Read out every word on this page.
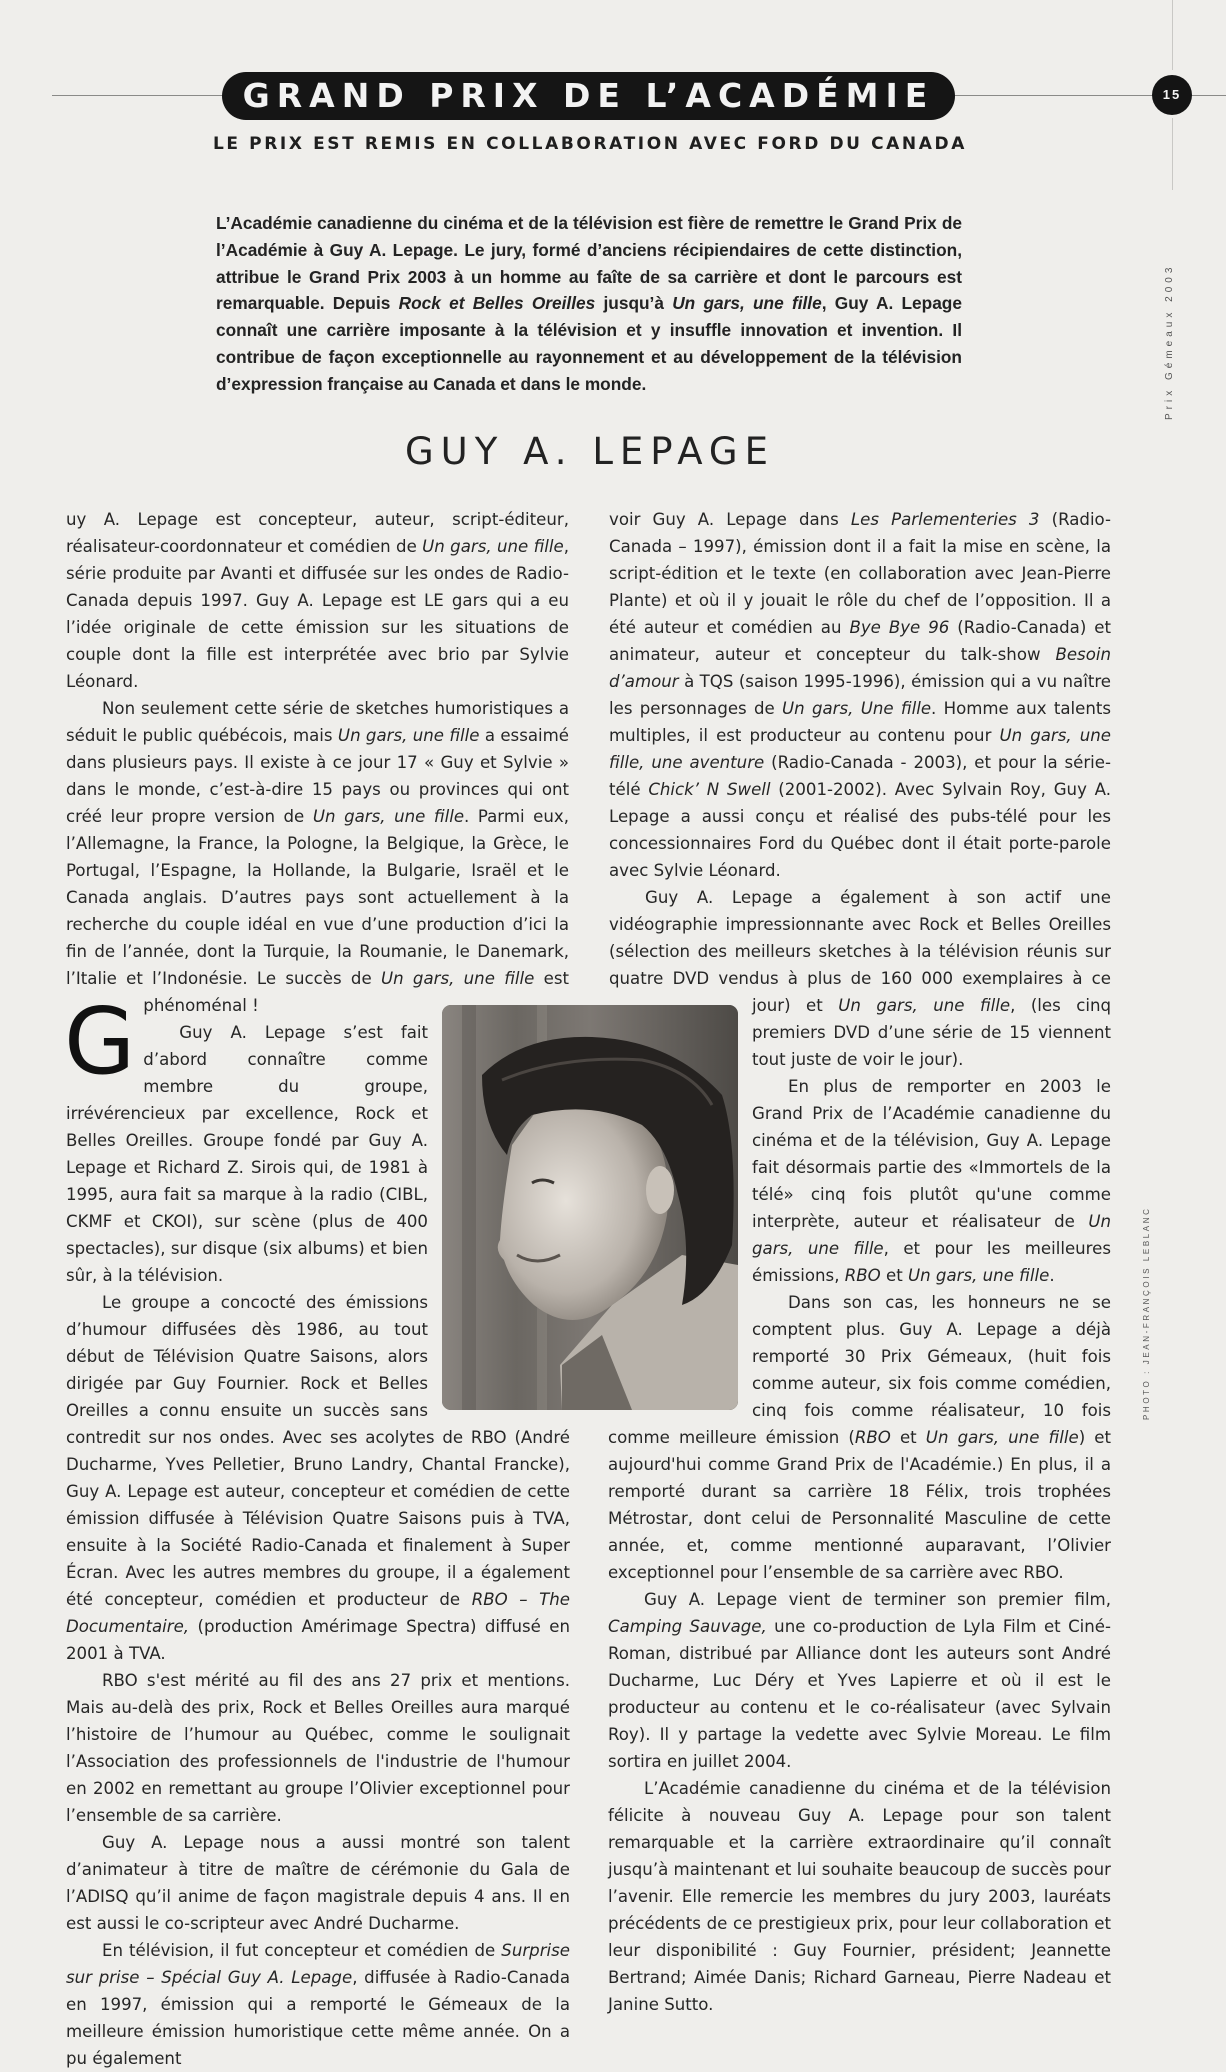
GRAND PRIX DE L’ACADÉMIE	15
LE PRIX EST REMIS EN COLLABORATION AVEC FORD DU CANADA
Prix Gémeaux 2003
PHOTO : JEAN-FRANÇOIS LEBLANC

L’Académie canadienne du cinéma et de la télévision est fière de remettre le Grand Prix de l’Académie à Guy A. Lepage. Le jury, formé d’anciens récipiendaires de cette distinction, attribue le Grand Prix 2003 à un homme au faîte de sa carrière et dont le parcours est remarquable. Depuis Rock et Belles Oreilles jusqu’à Un gars, une fille, Guy A. Lepage connaît une carrière imposante à la télévision et y insuffle innovation et invention. Il contribue de façon exceptionnelle au rayonnement et au développement de la télévision d’expression française au Canada et dans le monde.

GUY A. LEPAGE

G
uy A. Lepage est concepteur, auteur, script-éditeur, réalisateur-coordonnateur et comédien de Un gars, une fille, série produite par Avanti et diffusée sur les ondes de Radio-Canada depuis 1997. Guy A. Lepage est LE gars qui a eu l’idée originale de cette émission sur les situations de couple dont la fille est interprétée avec brio par Sylvie Léonard.

Non seulement cette série de sketches humoristiques a séduit le public québécois, mais Un gars, une fille a essaimé dans plusieurs pays. Il existe à ce jour 17 « Guy et Sylvie » dans le monde, c’est-à-dire 15 pays ou provinces qui ont créé leur propre version de Un gars, une fille. Parmi eux, l’Allemagne, la France, la Pologne, la Belgique, la Grèce, le Portugal, l’Espagne, la Hollande, la Bulgarie, Israël et le Canada anglais. D’autres pays sont actuellement à la recherche du couple idéal en vue d’une production d’ici la fin de l’année, dont la Turquie, la Roumanie, le Danemark, l’Italie et l’Indonésie. Le succès de Un gars, une fille est phénoménal !

Guy A. Lepage s’est fait d’abord connaître comme membre du groupe, irrévérencieux par excellence, Rock et Belles Oreilles. Groupe fondé par Guy A. Lepage et Richard Z. Sirois qui, de 1981 à 1995, aura fait sa marque à la radio (CIBL, CKMF et CKOI), sur scène (plus de 400 spectacles), sur disque (six albums) et bien sûr, à la télévision.

Le groupe a concocté des émissions d’humour diffusées dès 1986, au tout début de Télévision Quatre Saisons, alors dirigée par Guy Fournier. Rock et Belles Oreilles a connu ensuite un succès sans contredit sur nos ondes. Avec ses acolytes de RBO (André Ducharme, Yves Pelletier, Bruno Landry, Chantal Francke), Guy A. Lepage est auteur, concepteur et comédien de cette émission diffusée à Télévision Quatre Saisons puis à TVA, ensuite à la Société Radio-Canada et finalement à Super Écran. Avec les autres membres du groupe, il a également été concepteur, comédien et producteur de RBO – The Documentaire, (production Amérimage Spectra) diffusé en 2001 à TVA.

RBO s'est mérité au fil des ans 27 prix et mentions. Mais au-delà des prix, Rock et Belles Oreilles aura marqué l’histoire de l’humour au Québec, comme le soulignait l’Association des professionnels de l'industrie de l'humour en 2002 en remettant au groupe l’Olivier exceptionnel pour l’ensemble de sa carrière.

Guy A. Lepage nous a aussi montré son talent d’animateur à titre de maître de cérémonie du Gala de l’ADISQ qu’il anime de façon magistrale depuis 4 ans. Il en est aussi le co-scripteur avec André Ducharme.

En télévision, il fut concepteur et comédien de Surprise sur prise – Spécial Guy A. Lepage, diffusée à Radio-Canada en 1997, émission qui a remporté le Gémeaux de la meilleure émission humoristique cette même année. On a pu également

voir Guy A. Lepage dans Les Parlementeries 3 (Radio-Canada – 1997), émission dont il a fait la mise en scène, la script-édition et le texte (en collaboration avec Jean-Pierre Plante) et où il y jouait le rôle du chef de l’opposition. Il a été auteur et comédien au Bye Bye 96 (Radio-Canada) et animateur, auteur et concepteur du talk-show Besoin d’amour à TQS (saison 1995-1996), émission qui a vu naître les personnages de Un gars, Une fille. Homme aux talents multiples, il est producteur au contenu pour Un gars, une fille, une aventure (Radio-Canada - 2003), et pour la série-télé Chick’ N Swell (2001-2002). Avec Sylvain Roy, Guy A. Lepage a aussi conçu et réalisé des pubs-télé pour les concessionnaires Ford du Québec dont il était porte-parole avec Sylvie Léonard.

Guy A. Lepage a également à son actif une vidéographie impressionnante avec Rock et Belles Oreilles (sélection des meilleurs sketches à la télévision réunis sur quatre DVD vendus à plus de 160 000 exemplaires à ce jour) et Un gars, une fille, (les cinq premiers DVD d’une série de 15 viennent tout juste de voir le jour).

En plus de remporter en 2003 le Grand Prix de l’Académie canadienne du cinéma et de la télévision, Guy A. Lepage fait désormais partie des «Immortels de la télé» cinq fois plutôt qu'une comme interprète, auteur et réalisateur de Un gars, une fille, et pour les meilleures émissions, RBO et Un gars, une fille.

Dans son cas, les honneurs ne se comptent plus. Guy A. Lepage a déjà remporté 30 Prix Gémeaux, (huit fois comme auteur, six fois comme comédien, cinq fois comme réalisateur, 10 fois comme meilleure émission (RBO et Un gars, une fille) et aujourd'hui comme Grand Prix de l'Académie.) En plus, il a remporté durant sa carrière 18 Félix, trois trophées Métrostar, dont celui de Personnalité Masculine de cette année, et, comme mentionné auparavant, l’Olivier exceptionnel pour l’ensemble de sa carrière avec RBO.

Guy A. Lepage vient de terminer son premier film, Camping Sauvage, une co-production de Lyla Film et Ciné-Roman, distribué par Alliance dont les auteurs sont André Ducharme, Luc Déry et Yves Lapierre et où il est le producteur au contenu et le co-réalisateur (avec Sylvain Roy). Il y partage la vedette avec Sylvie Moreau. Le film sortira en juillet 2004.

L’Académie canadienne du cinéma et de la télévision félicite à nouveau Guy A. Lepage pour son talent remarquable et la carrière extraordinaire qu’il connaît jusqu’à maintenant et lui souhaite beaucoup de succès pour l’avenir. Elle remercie les membres du jury 2003, lauréats précédents de ce prestigieux prix, pour leur collaboration et leur disponibilité : Guy Fournier, président; Jeannette Bertrand; Aimée Danis; Richard Garneau, Pierre Nadeau et Janine Sutto.
